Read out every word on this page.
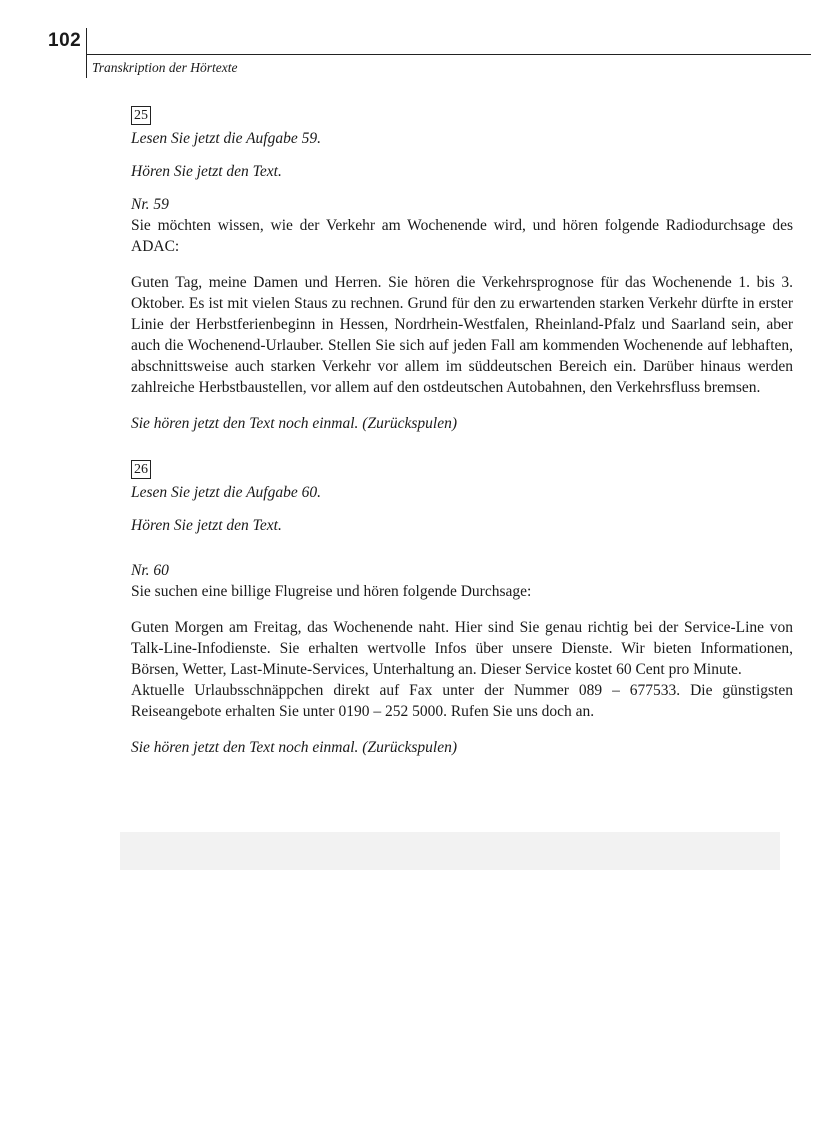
102
Transkription der Hörtexte
25

Lesen Sie jetzt die Aufgabe 59.

Hören Sie jetzt den Text.

Nr. 59

Sie möchten wissen, wie der Verkehr am Wochenende wird, und hören folgende Radiodurchsage des ADAC:

Guten Tag, meine Damen und Herren. Sie hören die Verkehrsprognose für das Wochenende 1. bis 3. Oktober. Es ist mit vielen Staus zu rechnen. Grund für den zu erwartenden starken Verkehr dürfte in erster Linie der Herbstferienbeginn in Hessen, Nordrhein-Westfalen, Rheinland-Pfalz und Saarland sein, aber auch die Wochenend-Urlauber. Stellen Sie sich auf jeden Fall am kommenden Wochenende auf lebhaften, abschnittsweise auch starken Verkehr vor allem im süddeutschen Bereich ein. Darüber hinaus werden zahlreiche Herbstbaustellen, vor allem auf den ostdeutschen Autobahnen, den Verkehrsfluss bremsen.

Sie hören jetzt den Text noch einmal. (Zurückspulen)

26

Lesen Sie jetzt die Aufgabe 60.

Hören Sie jetzt den Text.

Nr. 60

Sie suchen eine billige Flugreise und hören folgende Durchsage:

Guten Morgen am Freitag, das Wochenende naht. Hier sind Sie genau richtig bei der Service-Line von Talk-Line-Infodienste. Sie erhalten wertvolle Infos über unsere Dienste. Wir bieten Informationen, Börsen, Wetter, Last-Minute-Services, Unterhaltung an. Dieser Service kostet 60 Cent pro Minute.

Aktuelle Urlaubsschnäppchen direkt auf Fax unter der Nummer 089 – 677533. Die günstigsten Reiseangebote erhalten Sie unter 0190 – 252 5000. Rufen Sie uns doch an.

Sie hören jetzt den Text noch einmal. (Zurückspulen)
